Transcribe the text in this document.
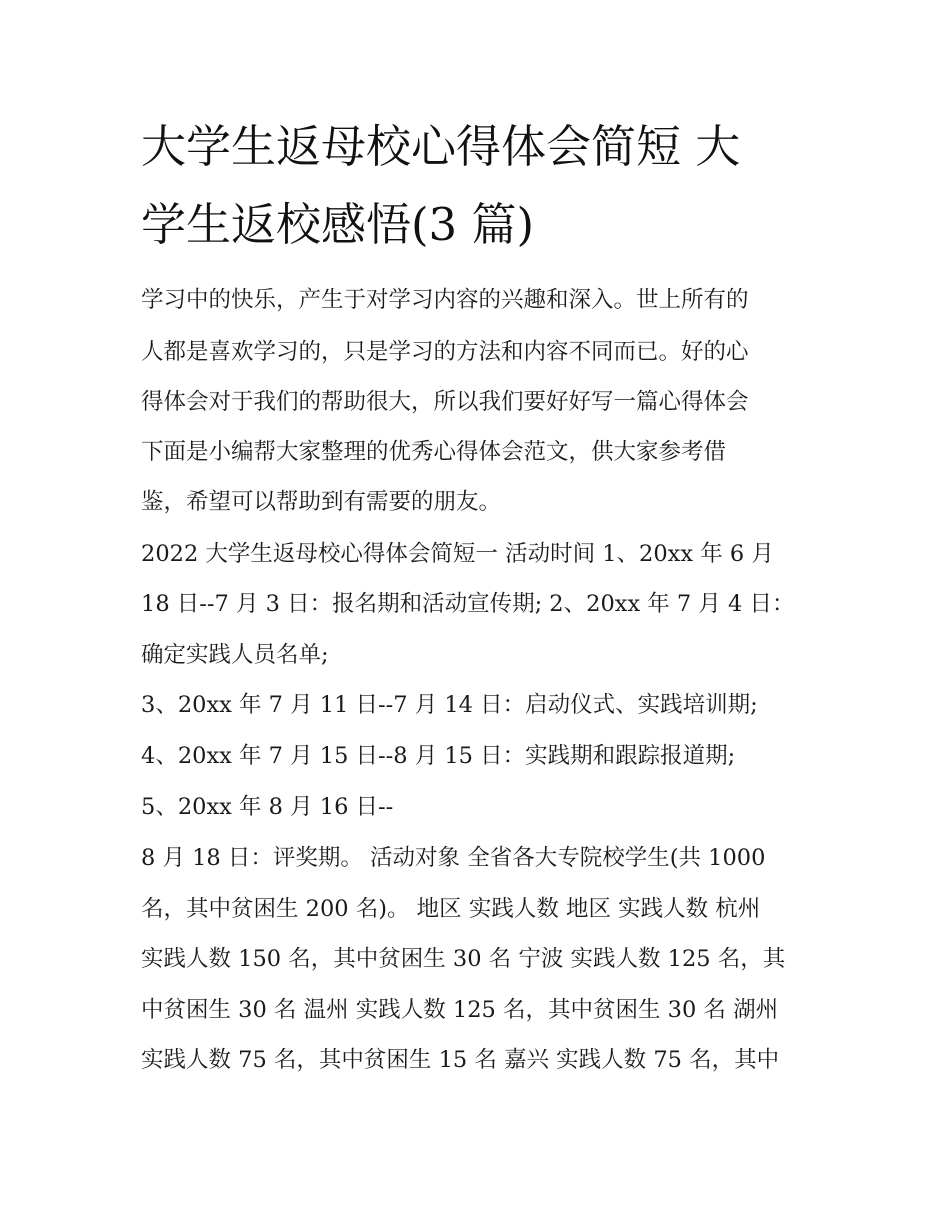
大学生返母校心得体会简短 大
学生返校感悟(3 篇)
学习中的快乐，产生于对学习内容的兴趣和深入。世上所有的
人都是喜欢学习的，只是学习的方法和内容不同而已。好的心
得体会对于我们的帮助很大，所以我们要好好写一篇心得体会
下面是小编帮大家整理的优秀心得体会范文，供大家参考借
鉴，希望可以帮助到有需要的朋友。
2022 大学生返母校心得体会简短一 活动时间 1、20xx 年 6 月
18 日--7 月 3 日：报名期和活动宣传期; 2、20xx 年 7 月 4 日：
确定实践人员名单;
3、20xx 年 7 月 11 日--7 月 14 日：启动仪式、实践培训期;
4、20xx 年 7 月 15 日--8 月 15 日：实践期和跟踪报道期;
5、20xx 年 8 月 16 日--
8 月 18 日：评奖期。 活动对象 全省各大专院校学生(共 1000
名，其中贫困生 200 名)。 地区 实践人数 地区 实践人数 杭州
实践人数 150 名，其中贫困生 30 名 宁波 实践人数 125 名，其
中贫困生 30 名 温州 实践人数 125 名，其中贫困生 30 名 湖州
实践人数 75 名，其中贫困生 15 名 嘉兴 实践人数 75 名，其中
